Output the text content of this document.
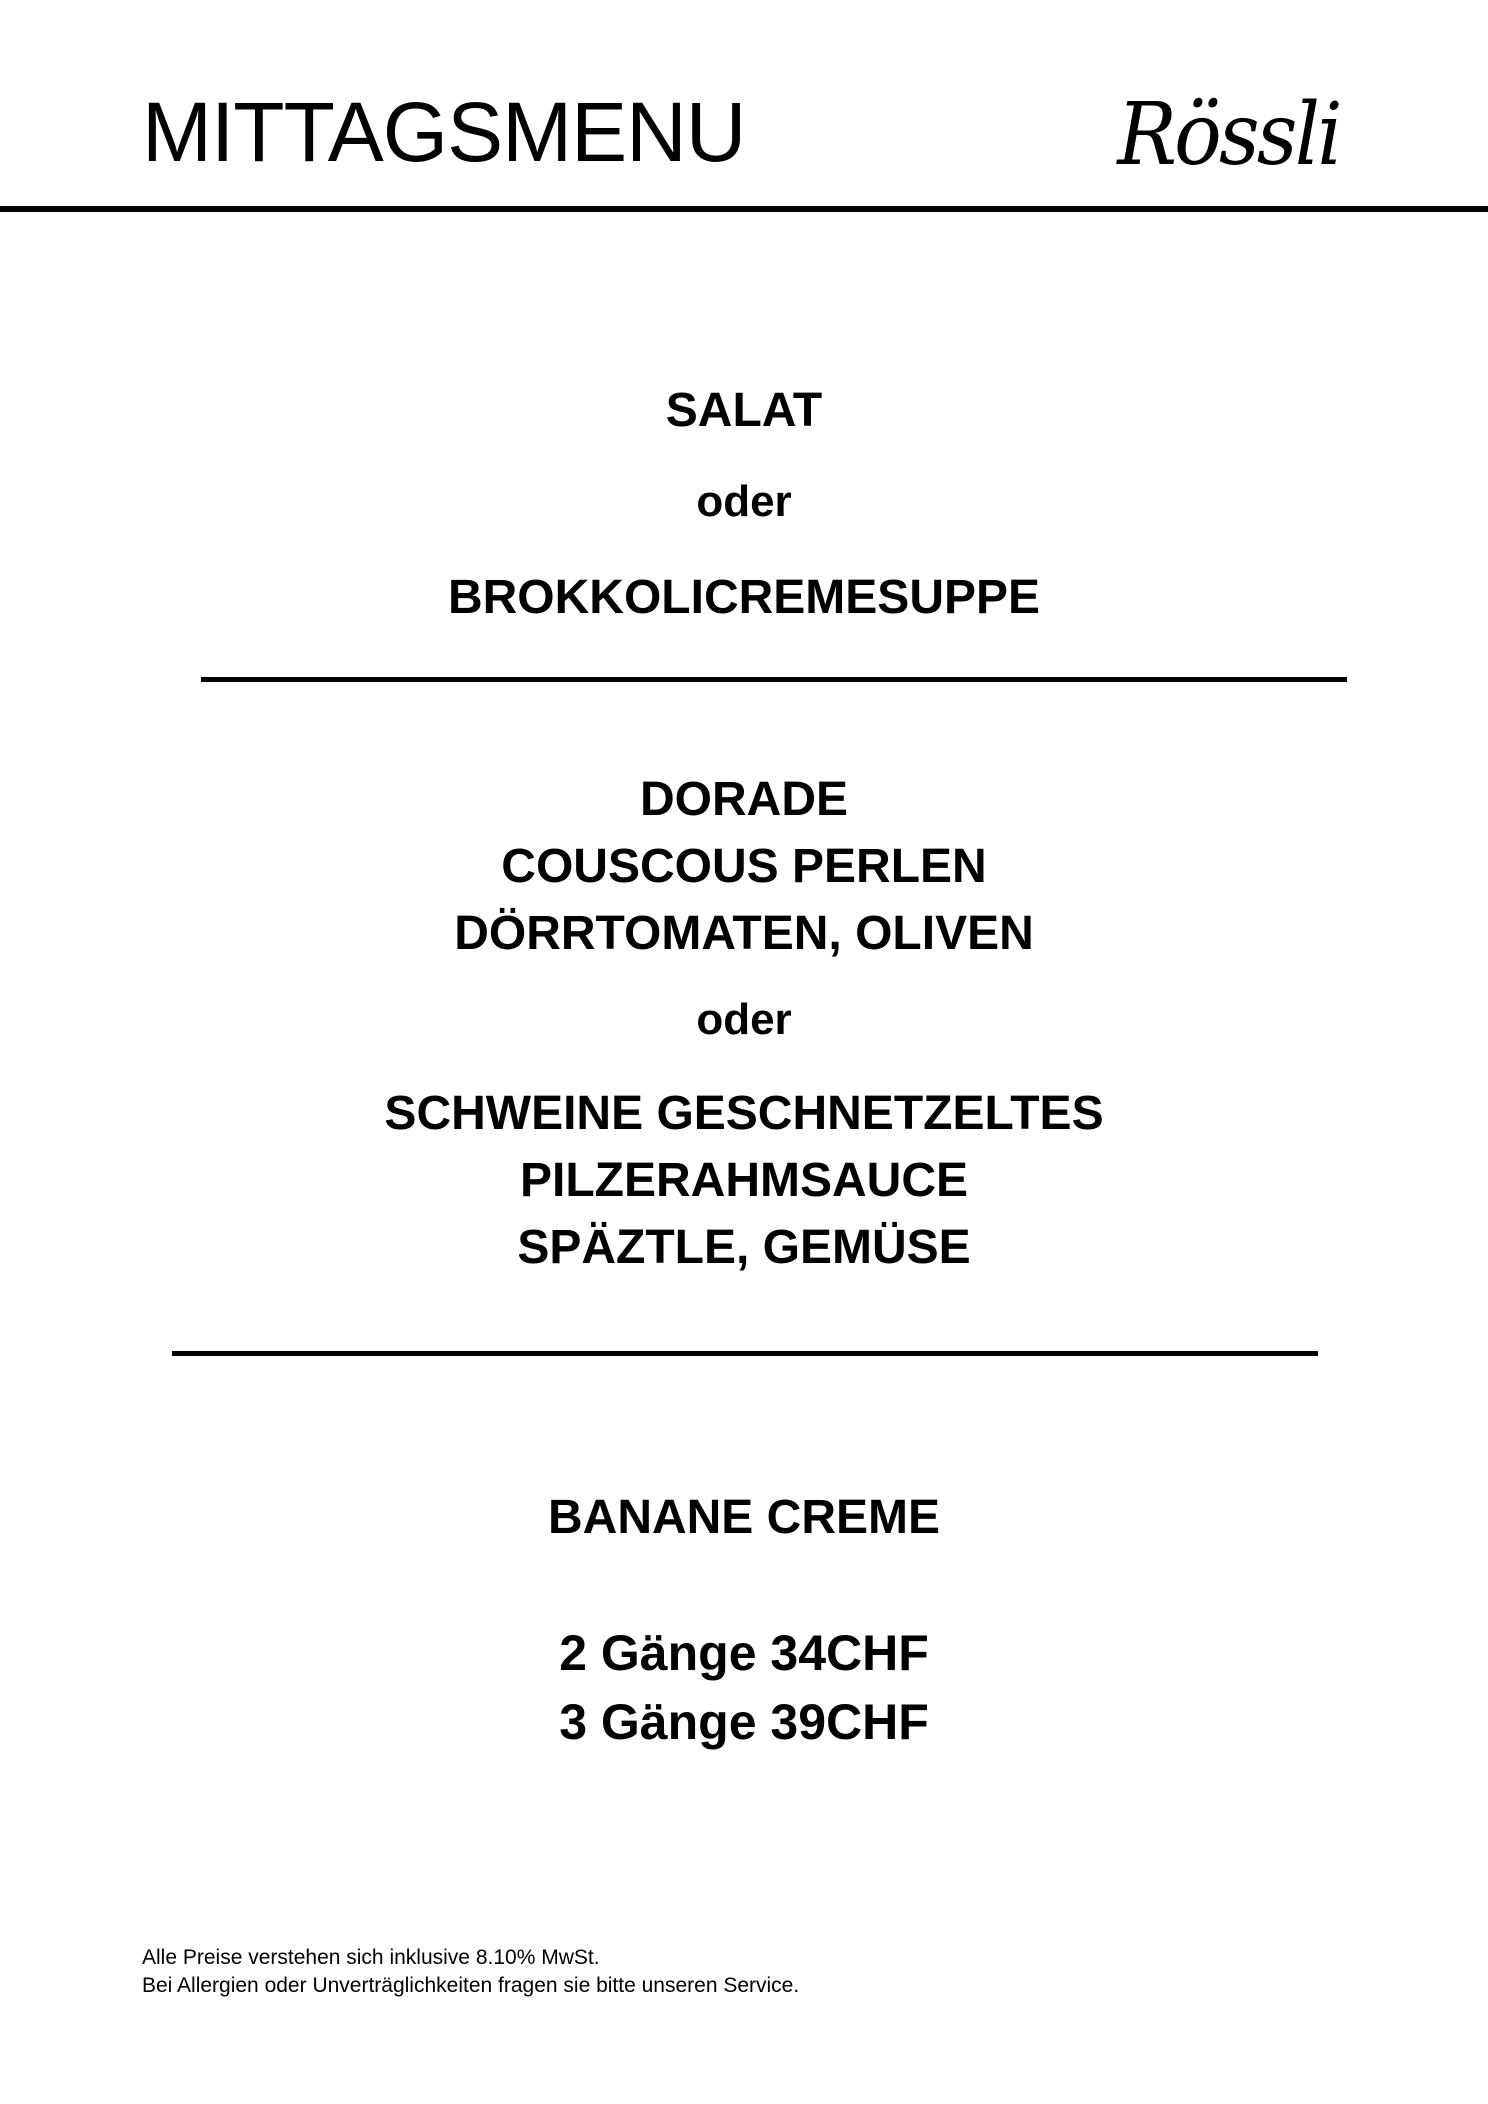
MITTAGSMENU	Rössli
SALAT
oder
BROKKOLICREMESUPPE
DORADE
COUSCOUS PERLEN
DÖRRTOMATEN, OLIVEN
oder
SCHWEINE GESCHNETZELTES
PILZERAHMSAUCE
SPÄZTLE, GEMÜSE
BANANE CREME
2 Gänge 34CHF
3 Gänge 39CHF
Alle Preise verstehen sich inklusive 8.10% MwSt.
Bei Allergien oder Unverträglichkeiten fragen sie bitte unseren Service.
